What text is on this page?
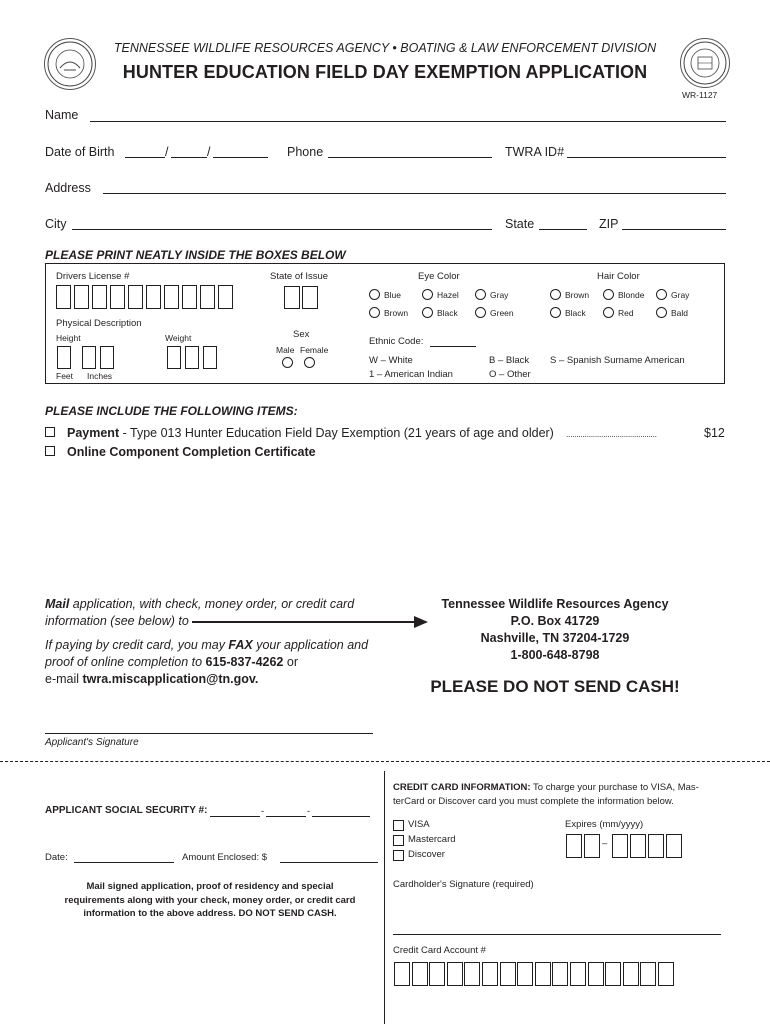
TENNESSEE WILDLIFE RESOURCES AGENCY • BOATING & LAW ENFORCEMENT DIVISION
HUNTER EDUCATION FIELD DAY EXEMPTION APPLICATION
WR-1127
Name
Date of Birth	/	/	Phone	TWRA ID#
Address
City	State	ZIP
PLEASE PRINT NEATLY INSIDE THE BOXES BELOW
Drivers License #	State of Issue	Eye Color	Hair Color
Blue	Hazel	Gray
Brown	Black	Green
Brown	Blonde	Gray
Black	Red	Bald
Physical Description
Height	Weight
Feet Inches
Sex
Male Female
Ethnic Code:
W – White
1 – American Indian
B – Black
O – Other
S – Spanish Surname American
PLEASE INCLUDE THE FOLLOWING ITEMS:
Payment - Type 013 Hunter Education Field Day Exemption (21 years of age and older)	............................................	$12
Online Component Completion Certificate
Mail application, with check, money order, or credit card
information (see below) to
If paying by credit card, you may FAX your application and
proof of online completion to 615-837-4262 or
e-mail twra.miscapplication@tn.gov.
Tennessee Wildlife Resources Agency
P.O. Box 41729
Nashville, TN 37204-1729
1-800-648-8798
PLEASE DO NOT SEND CASH!
Applicant's Signature
APPLICANT SOCIAL SECURITY #:	-	-
Date:	Amount Enclosed: $
Mail signed application, proof of residency and special
requirements along with your check, money order, or credit card
information to the above address. DO NOT SEND CASH.
CREDIT CARD INFORMATION: To charge your purchase to VISA, Mas-
terCard or Discover card you must complete the information below.
VISA
Mastercard
Discover
Expires (mm/yyyy)
–
Cardholder's Signature (required)
Credit Card Account #
